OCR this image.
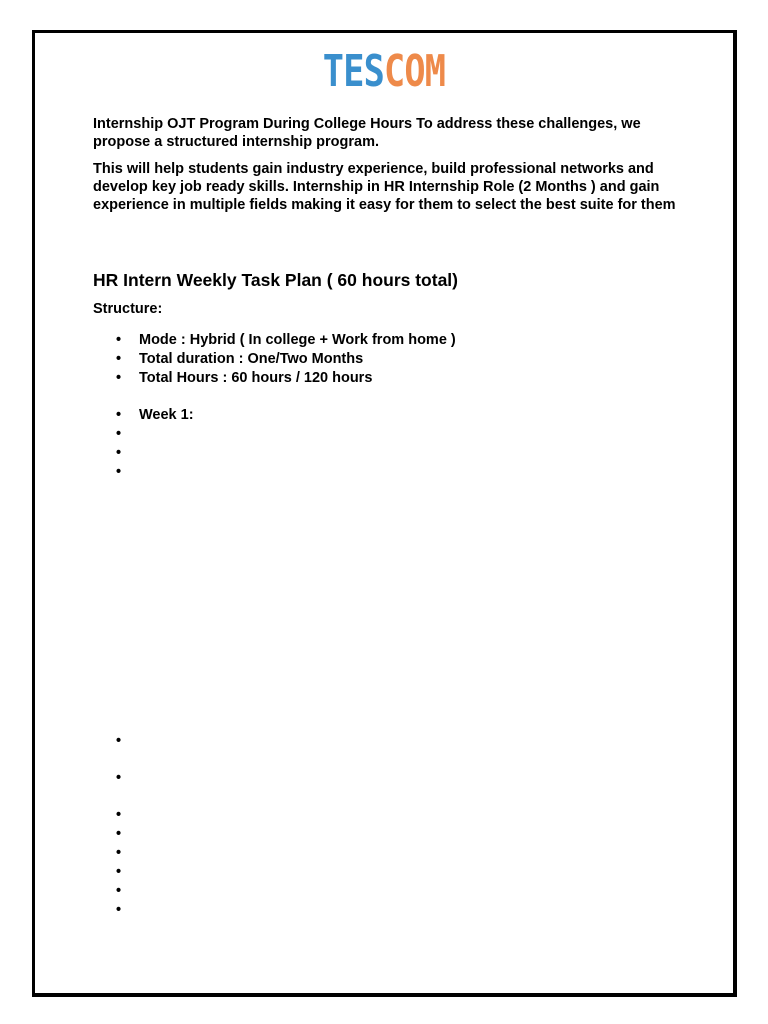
TESCOM
Internship OJT Program During College Hours To address these challenges, we propose a structured internship program.
This will help students gain industry experience, build professional networks and develop key job ready skills. Internship in HR Internship Role (2 Months ) and gain experience in multiple fields making it easy for them to select the best suite for them
HR Intern Weekly Task Plan ( 60 hours total)
Structure:
• Mode : Hybrid ( In college + Work from home )
• Total duration : One/Two Months
• Total Hours : 60 hours / 120 hours
• Week 1:
•
•
•
•
•
•
•
•
•
•
•
